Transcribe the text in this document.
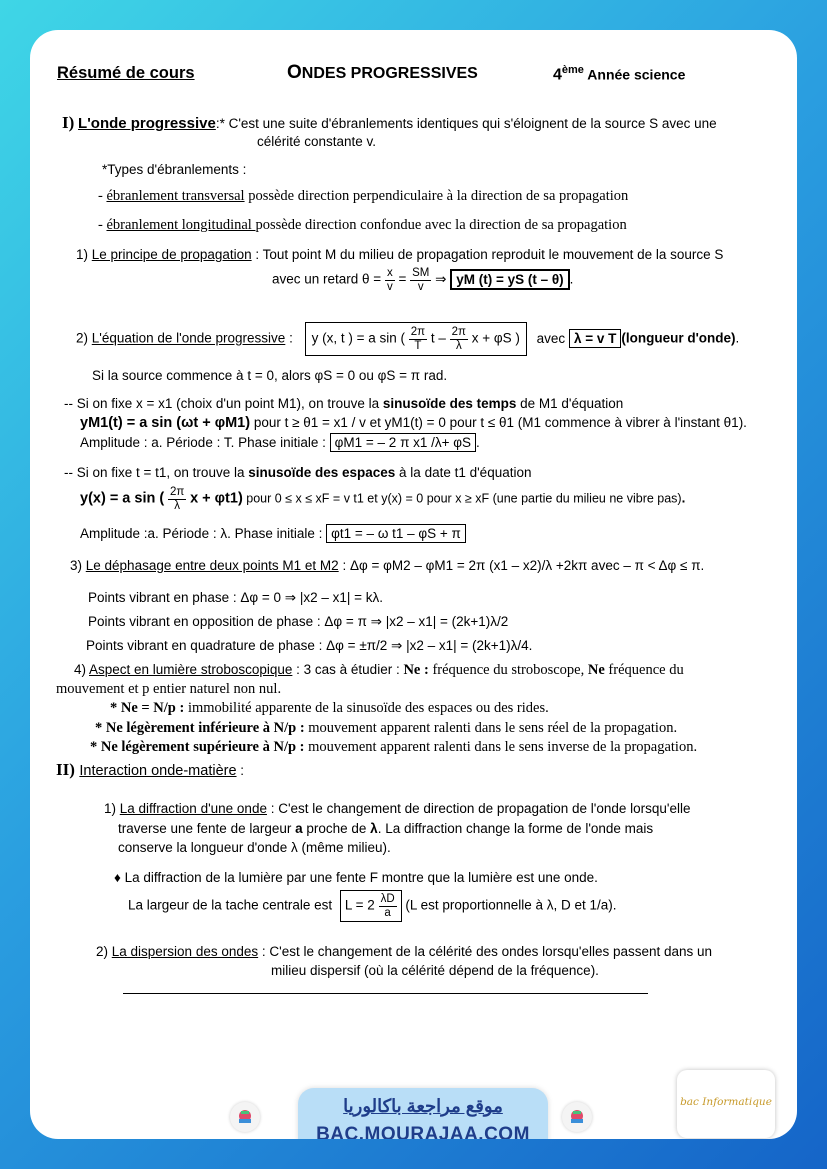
Résumé de cours	ONDES PROGRESSIVES	4ème Année science
I) L'onde progressive:* C'est une suite d'ébranlements identiques qui s'éloignent de la source S avec une
célérité constante v.
*Types d'ébranlements :
- ébranlement transversal possède direction perpendiculaire à la direction de sa propagation
- ébranlement longitudinal possède direction confondue avec la direction de sa propagation
1) Le principe de propagation : Tout point M du milieu de propagation reproduit le mouvement de la source S
avec un retard $\theta = \frac{x}{v} = \frac{SM}{v}$ ⇒ yM (t) = yS (t – θ) .
2) L'équation de l'onde progressive : y (x, t ) = a sin ( $\frac{2\pi}{T}$ t – $\frac{2\pi}{\lambda}$ x + φS ) avec λ = v T (longueur d'onde).
Si la source commence à t = 0, alors φS = 0 ou φS = π rad.
-- Si on fixe x = x1 (choix d'un point M1), on trouve la sinusoïde des temps de M1 d'équation
yM1(t) = a sin (ωt + φM1) pour t ≥ θ1 = x1 / v et yM1(t) = 0 pour t ≤ θ1 (M1 commence à vibrer à l'instant θ1).
Amplitude : a. Période : T. Phase initiale : φM1 = – 2 π x1 /λ+ φS .
-- Si on fixe t = t1, on trouve la sinusoïde des espaces à la date t1 d'équation
y(x) = a sin ( $\frac{2\pi}{\lambda}$ x + φt1) pour 0 ≤ x ≤ xF = v t1 et y(x) = 0 pour x ≥ xF (une partie du milieu ne vibre pas).
Amplitude :a. Période : λ. Phase initiale : φt1 = – ω t1 – φS + π
3) Le déphasage entre deux points M1 et M2 : Δφ = φM2 – φM1 = 2π (x1 – x2)/λ +2kπ avec – π < Δφ ≤ π.
Points vibrant en phase : Δφ = 0 ⇒ |x2 – x1| = kλ.
Points vibrant en opposition de phase : Δφ = π ⇒ |x2 – x1| = (2k+1)λ/2
Points vibrant en quadrature de phase : Δφ = ±π/2 ⇒ |x2 – x1| = (2k+1)λ/4.
4) Aspect en lumière stroboscopique : 3 cas à étudier : Ne : fréquence du stroboscope, Ne fréquence du
mouvement et p entier naturel non nul.
* Ne = N/p : immobilité apparente de la sinusoïde des espaces ou des rides.
* Ne légèrement inférieure à N/p : mouvement apparent ralenti dans le sens réel de la propagation.
* Ne légèrement supérieure à N/p : mouvement apparent ralenti dans le sens inverse de la propagation.
II) Interaction onde-matière :
1) La diffraction d'une onde : C'est le changement de direction de propagation de l'onde lorsqu'elle
traverse une fente de largeur a proche de λ. La diffraction change la forme de l'onde mais
conserve la longueur d'onde λ (même milieu).
♦ La diffraction de la lumière par une fente F montre que la lumière est une onde.
La largeur de la tache centrale est $L = 2 \frac{\lambda D}{a} (L$ est proportionnelle à λ, D et 1/a).
2) La dispersion des ondes : C'est le changement de la célérité des ondes lorsqu'elles passent dans un
milieu dispersif (où la célérité dépend de la fréquence).
موقع مراجعة باكالوريا
BAC.MOURAJAA.COM
bac Informatique
